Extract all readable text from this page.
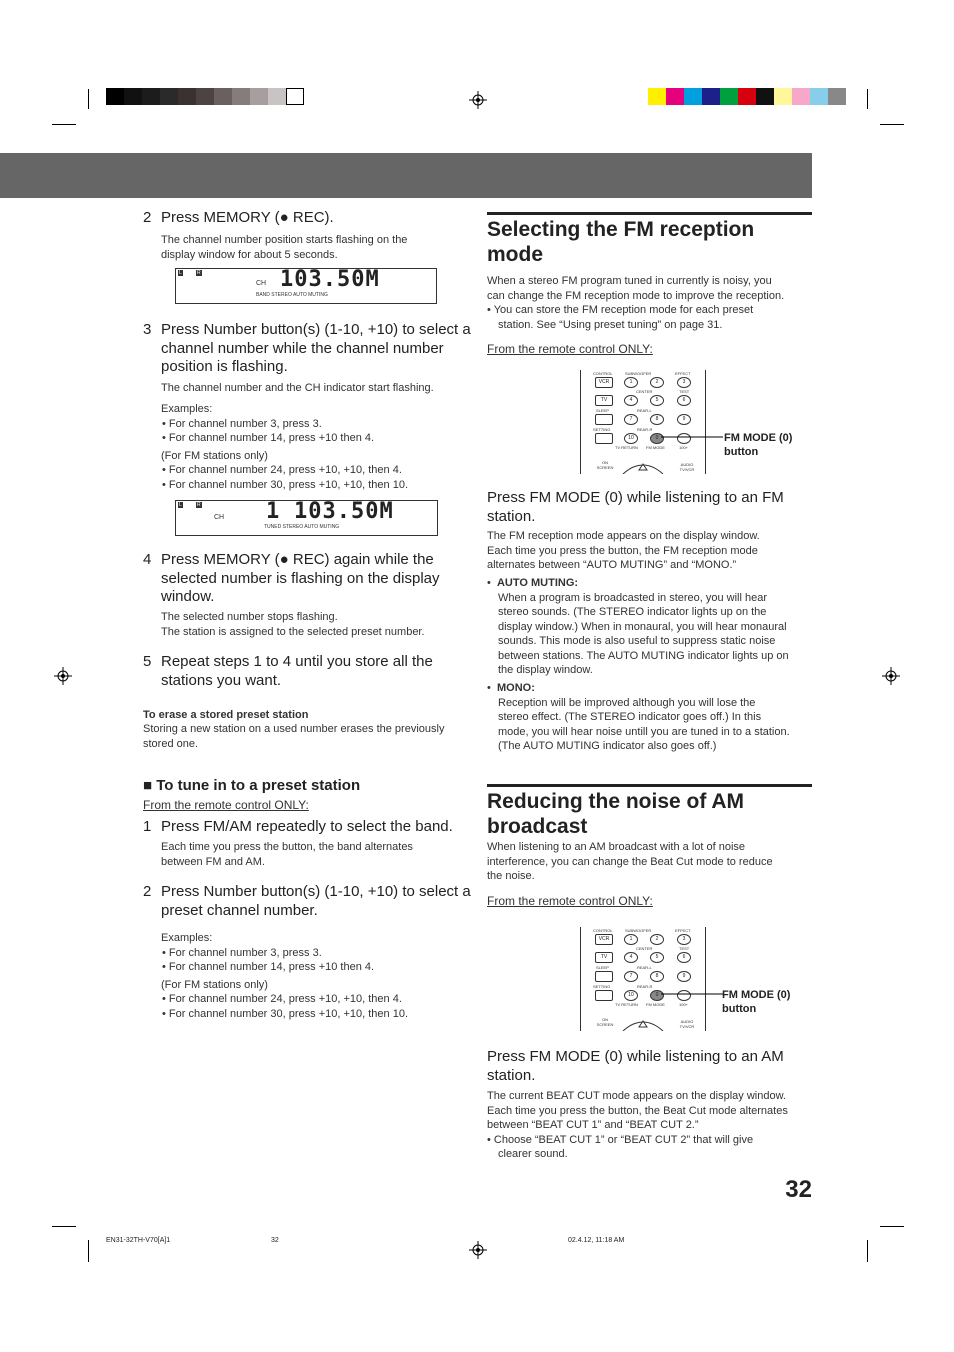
2 Press MEMORY (● REC).
The channel number position starts flashing on the
display window for about 5 seconds.
L	R
CH 103.50M
BAND STEREO AUTO MUTING
3 Press Number button(s) (1-10, +10) to select a
channel number while the channel number
position is flashing.
The channel number and the CH indicator start flashing.
Examples:
• For channel number 3, press 3.
• For channel number 14, press +10 then 4.
(For FM stations only)
• For channel number 24, press +10, +10, then 4.
• For channel number 30, press +10, +10, then 10.
L	R
CH 1 103.50M
TUNED STEREO AUTO MUTING
4 Press MEMORY (● REC) again while the
selected number is flashing on the display
window.
The selected number stops flashing.
The station is assigned to the selected preset number.
5 Repeat steps 1 to 4 until you store all the
stations you want.
To erase a stored preset station
Storing a new station on a used number erases the previously
stored one.
■ To tune in to a preset station
From the remote control ONLY:
1 Press FM/AM repeatedly to select the band.
Each time you press the button, the band alternates
between FM and AM.
2 Press Number button(s) (1-10, +10) to select a
preset channel number.
Examples:
• For channel number 3, press 3.
• For channel number 14, press +10 then 4.
(For FM stations only)
• For channel number 24, press +10, +10, then 4.
• For channel number 30, press +10, +10, then 10.
Selecting the FM reception
mode
When a stereo FM program tuned in currently is noisy, you
can change the FM reception mode to improve the reception.
• You can store the FM reception mode for each preset
station. See “Using preset tuning” on page 31.
From the remote control ONLY:
CONTROL	SUBWOOFER	EFFECT
VCR	1	2	3
CENTER	TEST
TV	4	5	6
SLEEP	REAR-L
7	8	9
SETTING	REAR-R
10	0
TV RETURN FM MODE	100+
ON SCREEN
AUDIO TV/VCR
FM MODE (0)
button
Press FM MODE (0) while listening to an FM
station.
The FM reception mode appears on the display window.
Each time you press the button, the FM reception mode
alternates between “AUTO MUTING” and “MONO.”
•  AUTO MUTING:
When a program is broadcasted in stereo, you will hear
stereo sounds. (The STEREO indicator lights up on the
display window.) When in monaural, you will hear monaural
sounds. This mode is also useful to suppress static noise
between stations. The AUTO MUTING indicator lights up on
the display window.
•  MONO:
Reception will be improved although you will lose the
stereo effect. (The STEREO indicator goes off.) In this
mode, you will hear noise untill you are tuned in to a station.
(The AUTO MUTING indicator also goes off.)
Reducing the noise of AM
broadcast
When listening to an AM broadcast with a lot of noise
interference, you can change the Beat Cut mode to reduce
the noise.
From the remote control ONLY:
CONTROL	SUBWOOFER	EFFECT
VCR	1	2	3
CENTER	TEST
TV	4	5	6
SLEEP	REAR-L
7	8	9
SETTING	REAR-R
10	0
TV RETURN FM MODE	100+
ON SCREEN
AUDIO TV/VCR
FM MODE (0)
button
Press FM MODE (0) while listening to an AM
station.
The current BEAT CUT mode appears on the display window.
Each time you press the button, the Beat Cut mode alternates
between “BEAT CUT 1” and “BEAT CUT 2.”
• Choose “BEAT CUT 1” or “BEAT CUT 2” that will give
clearer sound.
32
EN31-32TH-V70[A]1	32	02.4.12, 11:18 AM
